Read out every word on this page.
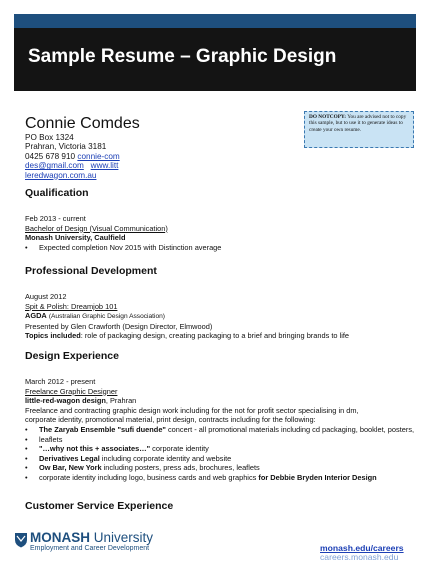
Sample Resume – Graphic Design
Connie Comdes
PO Box 1324
Prahran, Victoria 3181
0425 678 910 connie-com
des@gmail.com www.litt
leredwagon.com.au
DO NOTCOPY: You are advised not to copy this sample, but to use it to generate ideas to create your own resume.
Qualification
Feb 2013 - current
Bachelor of Design (Visual Communication)
Monash University, Caulfield
• Expected completion Nov 2015 with Distinction average
Professional Development
August 2012
Spit & Polish: Dreamjob 101
AGDA (Australian Graphic Design Association)
Presented by Glen Crawforth (Design Director, Elmwood)
Topics included: role of packaging design, creating packaging to a brief and bringing brands to life
Design Experience
March 2012 - present
Freelance Graphic Designer
little-red-wagon design, Prahran
Freelance and contracting graphic design work including for the not for profit sector specialising in dm,
corporate identity, promotional material, print design, contracts including for the following:
• The Zaryab Ensemble "sufi duende" concert - all promotional materials including cd packaging, booklet, posters,
• leaflets
• "…why not this + associates…" corporate identity
• Derivatives Legal including corporate identity and website
• Ow Bar, New York including posters, press ads, brochures, leaflets
• corporate identity including logo, business cards and web graphics for Debbie Bryden Interior Design
Customer Service Experience
MONASH University
Employment and Career Development	monash.edu/careers
careers.monash.edu
